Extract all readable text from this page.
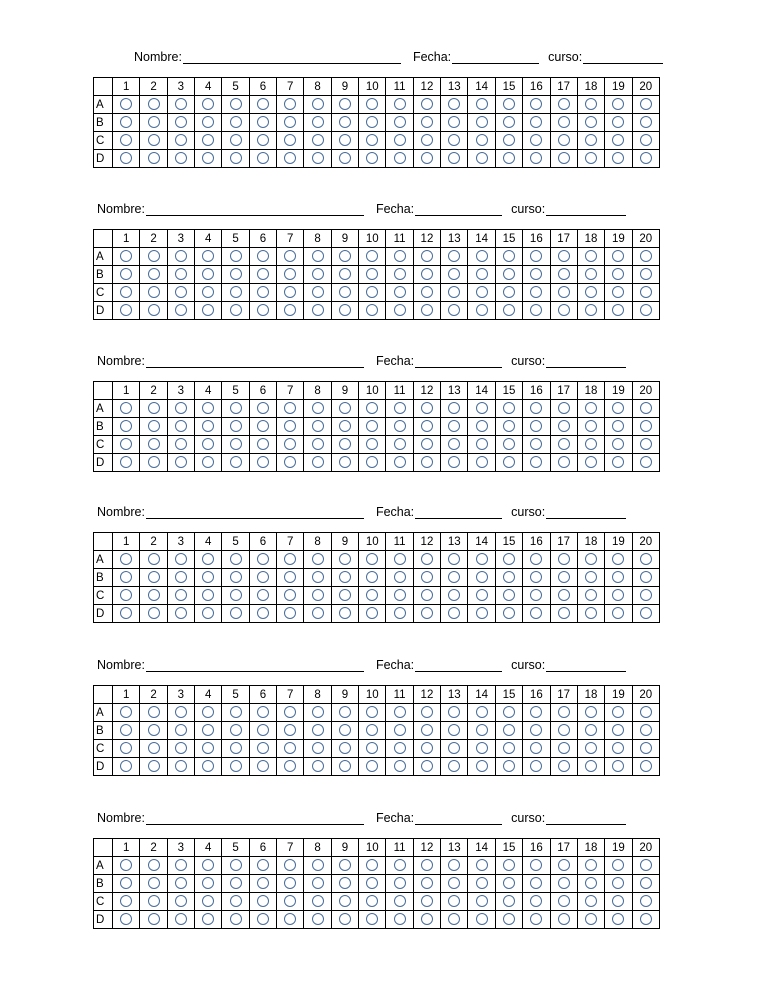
Nombre:	Fecha:	curso:
	1	2	3	4	5	6	7	8	9	10	11	12	13	14	15	16	17	18	19	20
A																				
B																				
C																				
D																				
Nombre:	Fecha:	curso:
	1	2	3	4	5	6	7	8	9	10	11	12	13	14	15	16	17	18	19	20
A																				
B																				
C																				
D																				
Nombre:	Fecha:	curso:
	1	2	3	4	5	6	7	8	9	10	11	12	13	14	15	16	17	18	19	20
A																				
B																				
C																				
D																				
Nombre:	Fecha:	curso:
	1	2	3	4	5	6	7	8	9	10	11	12	13	14	15	16	17	18	19	20
A																				
B																				
C																				
D																				
Nombre:	Fecha:	curso:
	1	2	3	4	5	6	7	8	9	10	11	12	13	14	15	16	17	18	19	20
A																				
B																				
C																				
D																				
Nombre:	Fecha:	curso:
	1	2	3	4	5	6	7	8	9	10	11	12	13	14	15	16	17	18	19	20
A																				
B																				
C																				
D																				
